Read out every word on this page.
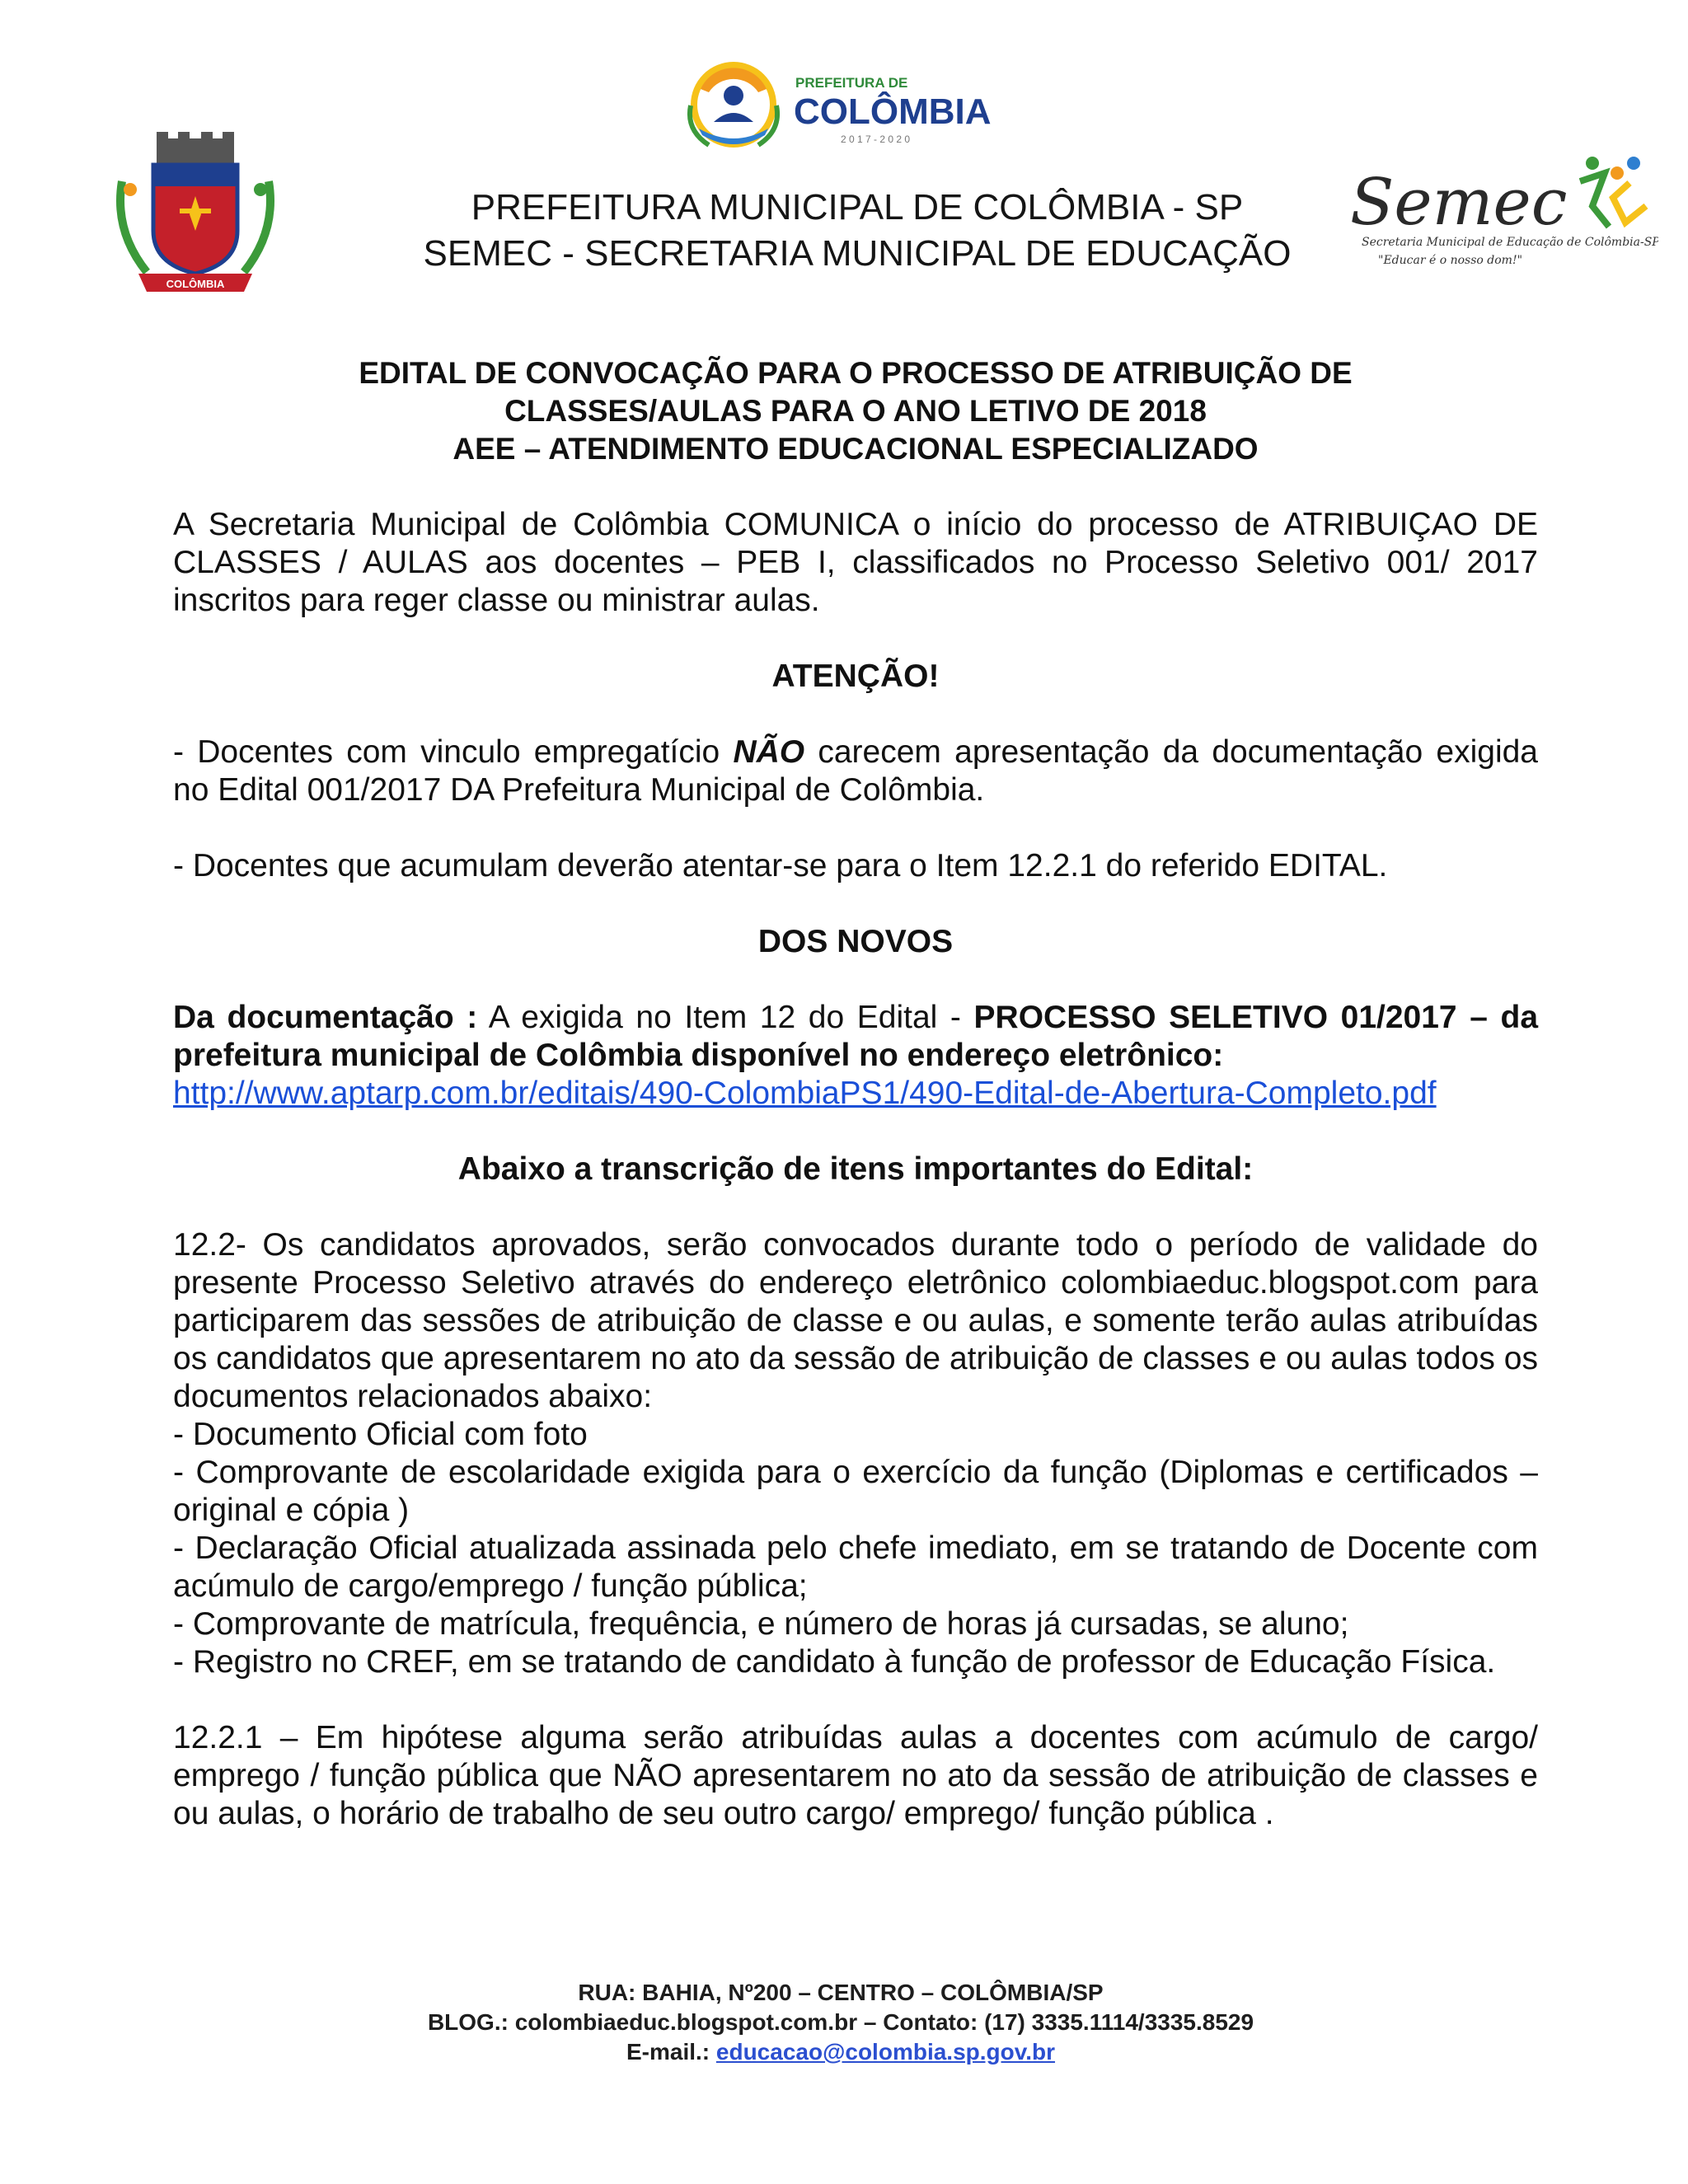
PREFEITURA DE
COLÔMBIA
2 0 1 7 - 2 0 2 0
COLÔMBIA
Semec
Secretaria Municipal de Educação de Colômbia-SP
"Educar é o nosso dom!"
PREFEITURA MUNICIPAL DE COLÔMBIA - SP
SEMEC - SECRETARIA MUNICIPAL DE EDUCAÇÃO
EDITAL DE CONVOCAÇÃO PARA O PROCESSO DE ATRIBUIÇÃO DE
CLASSES/AULAS PARA O ANO LETIVO DE 2018
AEE – ATENDIMENTO EDUCACIONAL ESPECIALIZADO

A Secretaria Municipal de Colômbia COMUNICA o início do processo de ATRIBUIÇAO DE CLASSES / AULAS aos docentes – PEB I, classificados no Processo Seletivo 001/ 2017 inscritos para reger classe ou ministrar aulas.

ATENÇÃO!

- Docentes com vinculo empregatício NÃO carecem apresentação da documentação exigida no Edital 001/2017 DA Prefeitura Municipal de Colômbia.

- Docentes que acumulam deverão atentar-se para o Item 12.2.1 do referido EDITAL.

DOS NOVOS

Da documentação : A exigida no Item 12 do Edital - PROCESSO SELETIVO 01/2017 – da prefeitura municipal de Colômbia disponível no endereço eletrônico:
http://www.aptarp.com.br/editais/490-ColombiaPS1/490-Edital-de-Abertura-Completo.pdf

Abaixo a transcrição de itens importantes do Edital:

12.2- Os candidatos aprovados, serão convocados durante todo o período de validade do presente Processo Seletivo através do endereço eletrônico colombiaeduc.blogspot.com para participarem das sessões de atribuição de classe e ou aulas, e somente terão aulas atribuídas os candidatos que apresentarem no ato da sessão de atribuição de classes e ou aulas todos os documentos relacionados abaixo:

- Documento Oficial com foto
- Comprovante de escolaridade exigida para o exercício da função (Diplomas e certificados – original e cópia )
- Declaração Oficial atualizada assinada pelo chefe imediato, em se tratando de Docente com acúmulo de cargo/emprego / função pública;
- Comprovante de matrícula, frequência, e número de horas já cursadas, se aluno;
- Registro no CREF, em se tratando de candidato à função de professor de Educação Física.

12.2.1 – Em hipótese alguma serão atribuídas aulas a docentes com acúmulo de cargo/ emprego / função pública que NÃO apresentarem no ato da sessão de atribuição de classes e ou aulas, o horário de trabalho de seu outro cargo/ emprego/ função pública .

RUA: BAHIA, Nº200 – CENTRO – COLÔMBIA/SP
BLOG.: colombiaeduc.blogspot.com.br – Contato: (17) 3335.1114/3335.8529
E-mail.: educacao@colombia.sp.gov.br
